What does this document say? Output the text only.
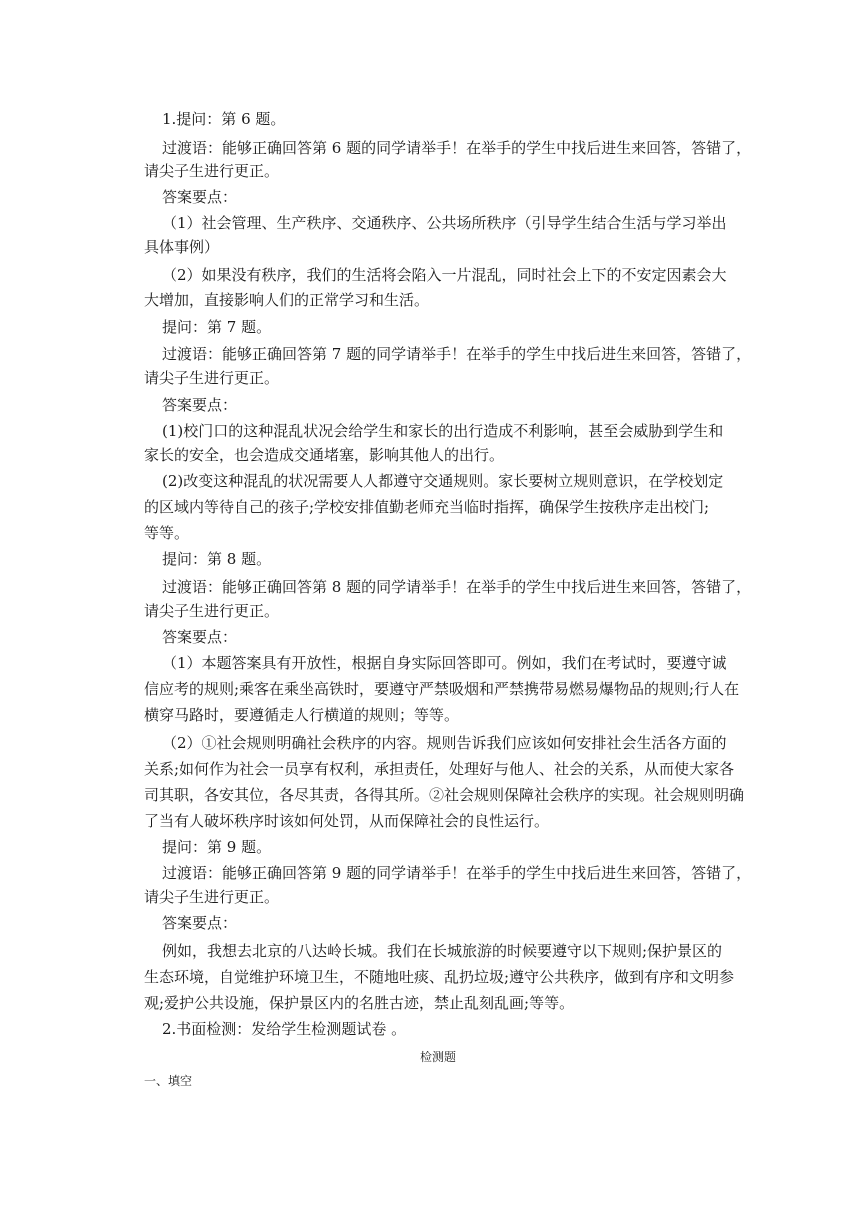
1.提问：第 6 题。
过渡语：能够正确回答第 6 题的同学请举手！在举手的学生中找后进生来回答，答错了，
请尖子生进行更正。
答案要点：
（1）社会管理、生产秩序、交通秩序、公共场所秩序（引导学生结合生活与学习举出
具体事例）
（2）如果没有秩序，我们的生活将会陷入一片混乱，同时社会上下的不安定因素会大
大增加，直接影响人们的正常学习和生活。
提问：第 7 题。
过渡语：能够正确回答第 7 题的同学请举手！在举手的学生中找后进生来回答，答错了，
请尖子生进行更正。
答案要点：
(1)校门口的这种混乱状况会给学生和家长的出行造成不利影响，甚至会威胁到学生和
家长的安全，也会造成交通堵塞，影响其他人的出行。
(2)改变这种混乱的状况需要人人都遵守交通规则。家长要树立规则意识，在学校划定
的区域内等待自己的孩子;学校安排值勤老师充当临时指挥，确保学生按秩序走出校门;
等等。
提问：第 8 题。
过渡语：能够正确回答第 8 题的同学请举手！在举手的学生中找后进生来回答，答错了，
请尖子生进行更正。
答案要点：
（1）本题答案具有开放性，根据自身实际回答即可。例如，我们在考试时，要遵守诚
信应考的规则;乘客在乘坐高铁时，要遵守严禁吸烟和严禁携带易燃易爆物品的规则;行人在
横穿马路时，要遵循走人行横道的规则；等等。
（2）①社会规则明确社会秩序的内容。规则告诉我们应该如何安排社会生活各方面的
关系;如何作为社会一员享有权利，承担责任，处理好与他人、社会的关系，从而使大家各
司其职，各安其位，各尽其责，各得其所。②社会规则保障社会秩序的实现。社会规则明确
了当有人破坏秩序时该如何处罚，从而保障社会的良性运行。
提问：第 9 题。
过渡语：能够正确回答第 9 题的同学请举手！在举手的学生中找后进生来回答，答错了，
请尖子生进行更正。
答案要点：
例如，我想去北京的八达岭长城。我们在长城旅游的时候要遵守以下规则;保护景区的
生态环境，自觉维护环境卫生，不随地吐痰、乱扔垃圾;遵守公共秩序，做到有序和文明参
观;爱护公共设施，保护景区内的名胜古迹，禁止乱刻乱画;等等。
2.书面检测：发给学生检测题试卷 。
检测题
一、填空
